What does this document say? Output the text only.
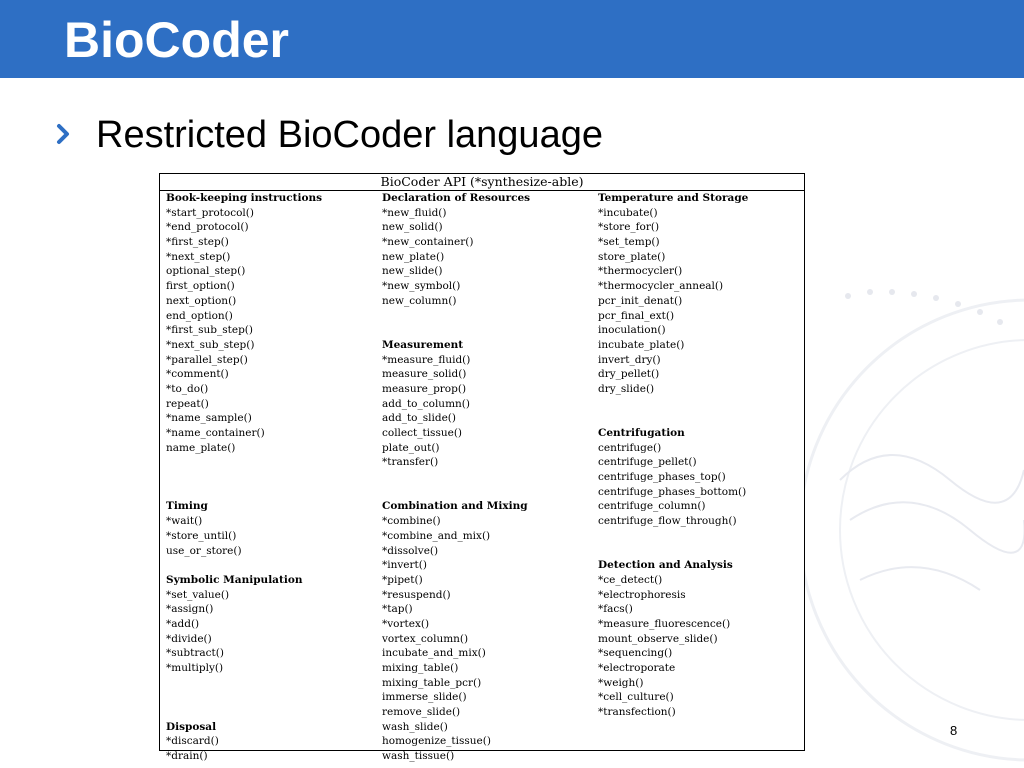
BioCoder
Restricted BioCoder language
BioCoder API (*synthesize-able)
Book-keeping instructions
*start_protocol()
*end_protocol()
*first_step()
*next_step()
optional_step()
first_option()
next_option()
end_option()
*first_sub_step()
*next_sub_step()
*parallel_step()
*comment()
*to_do()
repeat()
*name_sample()
*name_container()
name_plate()
Timing
*wait()
*store_until()
use_or_store()
Symbolic Manipulation
*set_value()
*assign()
*add()
*divide()
*subtract()
*multiply()
Disposal
*discard()
*drain()
Declaration of Resources
*new_fluid()
new_solid()
*new_container()
new_plate()
new_slide()
*new_symbol()
new_column()
Measurement
*measure_fluid()
measure_solid()
measure_prop()
add_to_column()
add_to_slide()
collect_tissue()
plate_out()
*transfer()
Combination and Mixing
*combine()
*combine_and_mix()
*dissolve()
*invert()
*pipet()
*resuspend()
*tap()
*vortex()
vortex_column()
incubate_and_mix()
mixing_table()
mixing_table_pcr()
immerse_slide()
remove_slide()
wash_slide()
homogenize_tissue()
wash_tissue()
Temperature and Storage
*incubate()
*store_for()
*set_temp()
store_plate()
*thermocycler()
*thermocycler_anneal()
pcr_init_denat()
pcr_final_ext()
inoculation()
incubate_plate()
invert_dry()
dry_pellet()
dry_slide()
Centrifugation
centrifuge()
centrifuge_pellet()
centrifuge_phases_top()
centrifuge_phases_bottom()
centrifuge_column()
centrifuge_flow_through()
Detection and Analysis
*ce_detect()
*electrophoresis
*facs()
*measure_fluorescence()
mount_observe_slide()
*sequencing()
*electroporate
*weigh()
*cell_culture()
*transfection()
8
